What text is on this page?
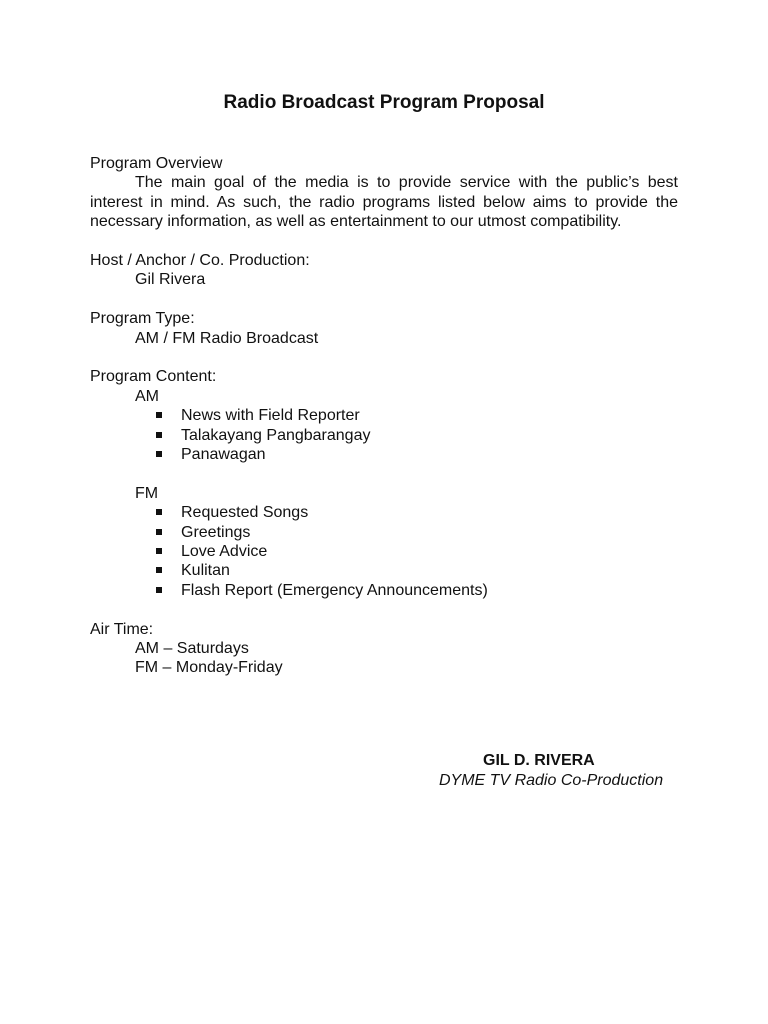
Radio Broadcast Program Proposal
Program Overview
The main goal of the media is to provide service with the public’s best
interest in mind. As such, the radio programs listed below aims to provide the
necessary information, as well as entertainment to our utmost compatibility.
Host / Anchor / Co. Production:
Gil Rivera
Program Type:
AM / FM Radio Broadcast
Program Content:
AM
News with Field Reporter
Talakayang Pangbarangay
Panawagan
FM
Requested Songs
Greetings
Love Advice
Kulitan
Flash Report (Emergency Announcements)
Air Time:
AM – Saturdays
FM – Monday-Friday
GIL D. RIVERA
DYME TV Radio Co-Production
